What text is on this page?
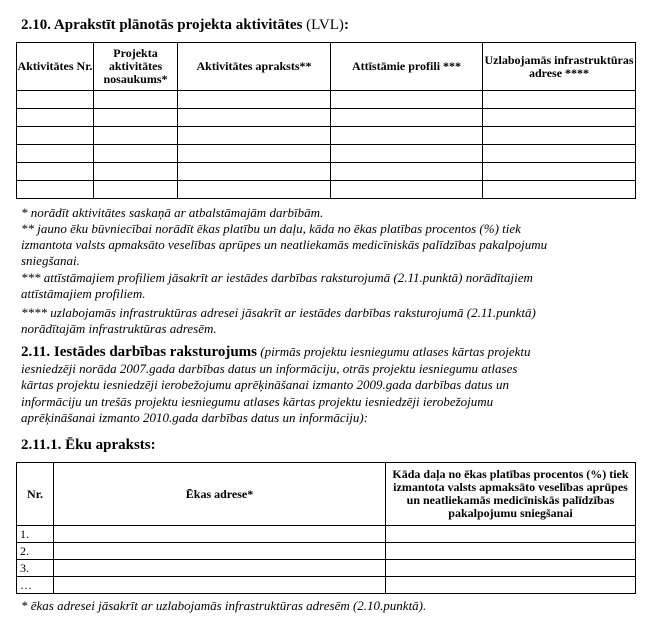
2.10. Aprakstīt plānotās projekta aktivitātes (LVL):
Aktivitātes Nr.	Projekta aktivitātes nosaukums*	Aktivitātes apraksts**	Attīstāmie profili ***	Uzlabojamās infrastruktūras adrese ****

* norādīt aktivitātes saskaņā ar atbalstāmajām darbībām.

** jauno ēku būvniecībai norādīt ēkas platību un daļu, kāda no ēkas platības procentos (%) tiek

izmantota valsts apmaksāto veselības aprūpes un neatliekamās medicīniskās palīdzības pakalpojumu

sniegšanai.

*** attīstāmajiem profiliem jāsakrīt ar iestādes darbības raksturojumā (2.11.punktā) norādītajiem

attīstāmajiem profiliem.

**** uzlabojamās infrastruktūras adresei jāsakrīt ar iestādes darbības raksturojumā (2.11.punktā)

norādītajām infrastruktūras adresēm.

2.11. Iestādes darbības raksturojums (pirmās projektu iesniegumu atlases kārtas projektu

iesniedzēji norāda 2007.gada darbības datus un informāciju, otrās projektu iesniegumu atlases

kārtas projektu iesniedzēji ierobežojumu aprēķināšanai izmanto 2009.gada darbības datus un

informāciju un trešās projektu iesniegumu atlases kārtas projektu iesniedzēji ierobežojumu

aprēķināšanai izmanto 2010.gada darbības datus un informāciju):

2.11.1. Ēku apraksts:
Nr.	Ēkas adrese*	Kāda daļa no ēkas platības procentos (%) tiek izmantota valsts apmaksāto veselības aprūpes un neatliekamās medicīniskās palīdzības pakalpojumu sniegšanai
1.		
2.		
3.		
…		

* ēkas adresei jāsakrīt ar uzlabojamās infrastruktūras adresēm (2.10.punktā).
